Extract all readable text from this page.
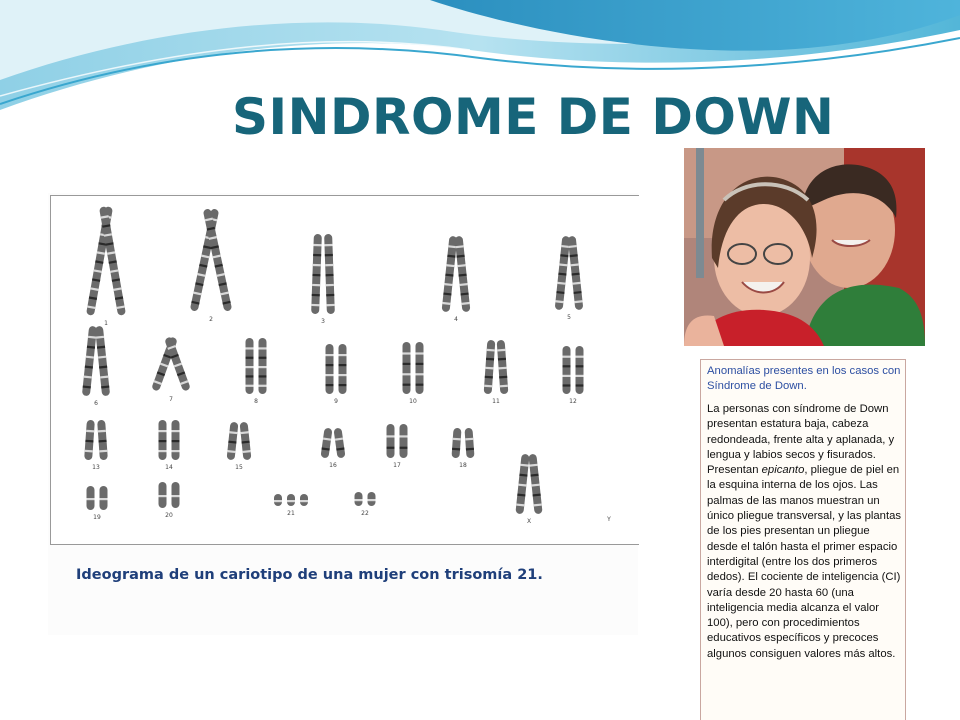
SINDROME DE DOWN
1
2	3	4	5
6
7	8	9	10	11	12
13	14	15	16	17	18
19	20	21	22
X	Y
Ideograma de un cariotipo de una mujer con trisomía 21.
Anomalías presentes en los casos con Síndrome de Down.
La personas con síndrome de Down presentan estatura baja, cabeza redondeada, frente alta y aplanada, y lengua y labios secos y fisurados. Presentan epicanto, pliegue de piel en la esquina interna de los ojos. Las palmas de las manos muestran un único pliegue transversal, y las plantas de los pies presentan un pliegue desde el talón hasta el primer espacio interdigital (entre los dos primeros dedos). El cociente de inteligencia (CI) varía desde 20 hasta 60 (una inteligencia media alcanza el valor 100), pero con procedimientos educativos específicos y precoces algunos consiguen valores más altos.
